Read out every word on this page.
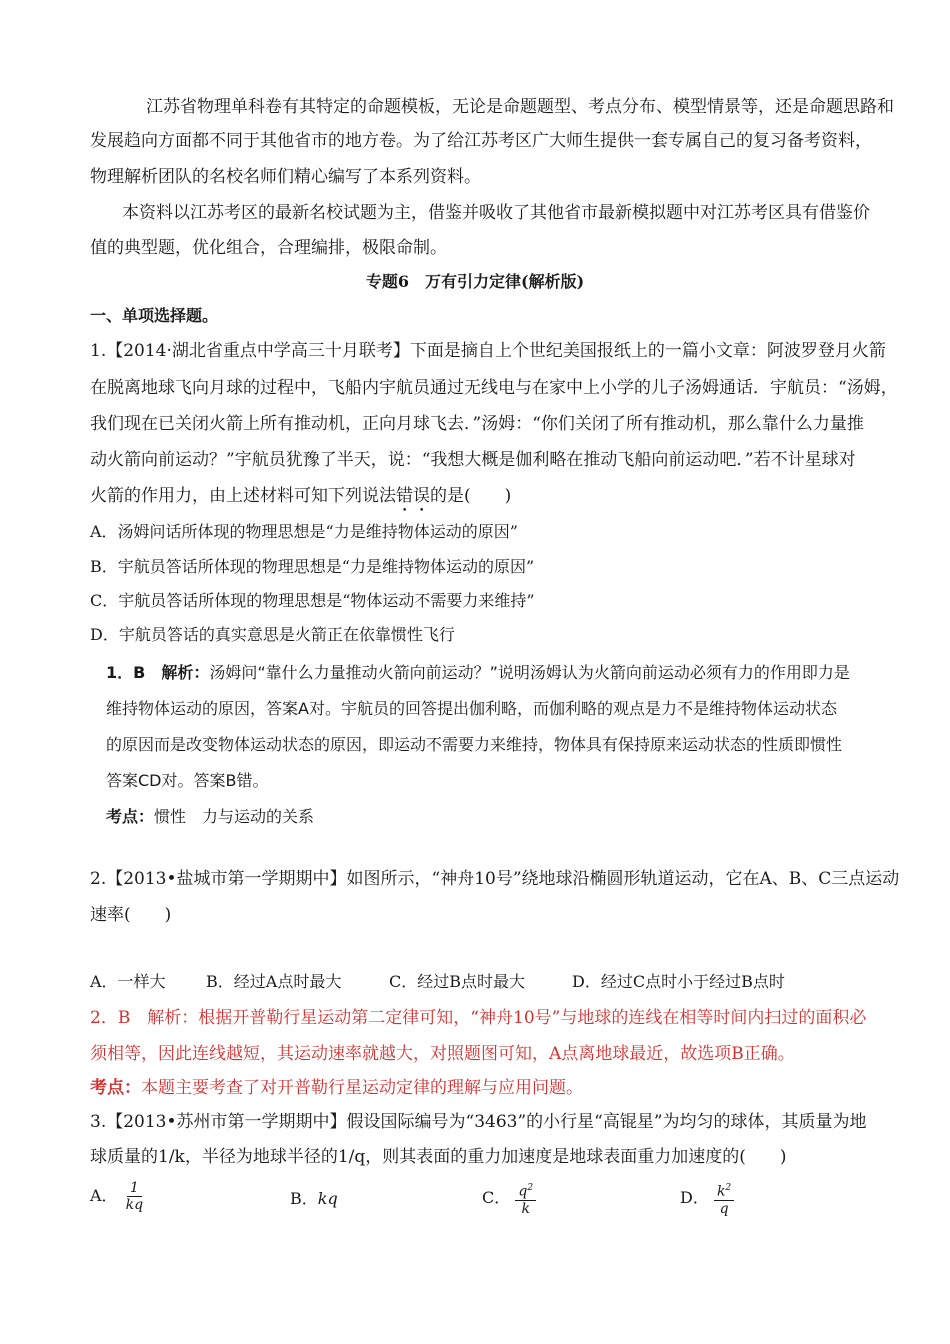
江苏省物理单科卷有其特定的命题模板，无论是命题题型、考点分布、模型情景等，还是命题思路和
发展趋向方面都不同于其他省市的地方卷。为了给江苏考区广大师生提供一套专属自己的复习备考资料，
物理解析团队的名校名师们精心编写了本系列资料。
本资料以江苏考区的最新名校试题为主，借鉴并吸收了其他省市最新模拟题中对江苏考区具有借鉴价
值的典型题，优化组合，合理编排，极限命制。
专题6　万有引力定律(解析版)
一、单项选择题。
1.【2014·湖北省重点中学高三十月联考】下面是摘自上个世纪美国报纸上的一篇小文章：阿波罗登月火箭
在脱离地球飞向月球的过程中，飞船内宇航员通过无线电与在家中上小学的儿子汤姆通话．宇航员：“汤姆，
我们现在已关闭火箭上所有推动机，正向月球飞去．”汤姆：“你们关闭了所有推动机，那么靠什么力量推
动火箭向前运动？”宇航员犹豫了半天，说：“我想大概是伽利略在推动飞船向前运动吧．”若不计星球对
火箭的作用力，由上述材料可知下列说法错误的是(　　)
A．汤姆问话所体现的物理思想是“力是维持物体运动的原因”
B．宇航员答话所体现的物理思想是“力是维持物体运动的原因”
C．宇航员答话所体现的物理思想是“物体运动不需要力来维持”
D．宇航员答话的真实意思是火箭正在依靠惯性飞行
1．B　解析：汤姆问“靠什么力量推动火箭向前运动？”说明汤姆认为火箭向前运动必须有力的作用即力是
维持物体运动的原因，答案A对。宇航员的回答提出伽利略，而伽利略的观点是力不是维持物体运动状态
的原因而是改变物体运动状态的原因，即运动不需要力来维持，物体具有保持原来运动状态的性质即惯性
答案CD对。答案B错。
考点：惯性　力与运动的关系
2.【2013•盐城市第一学期期中】如图所示，“神舟10号”绕地球沿椭圆形轨道运动，它在A、B、C三点运动
速率(　　)
A．一样大	B．经过A点时最大	C．经过B点时最大	D．经过C点时小于经过B点时
2．B　解析：根据开普勒行星运动第二定律可知，“神舟10号”与地球的连线在相等时间内扫过的面积必
须相等，因此连线越短，其运动速率就越大，对照题图可知，A点离地球最近，故选项B正确。
考点：本题主要考查了对开普勒行星运动定律的理解与应用问题。
3.【2013•苏州市第一学期期中】假设国际编号为“3463”的小行星“高锟星”为均匀的球体，其质量为地
球质量的1/k，半径为地球半径的1/q，则其表面的重力加速度是地球表面重力加速度的(　　)
A． $\frac{1}{kq}$	B．kq	C． $\frac{q^2}{k}$	D． $\frac{k^2}{q}$
